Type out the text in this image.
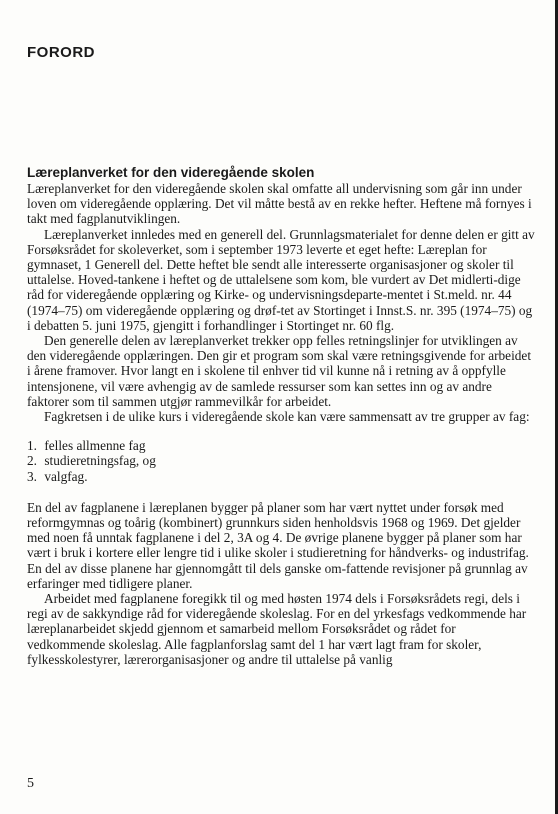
FORORD
Læreplanverket for den videregående skolen

Læreplanverket for den videregående skolen skal omfatte all undervisning som går inn under loven om videregående opplæring. Det vil måtte bestå av en rekke hefter. Heftene må fornyes i takt med fagplanutviklingen.

Læreplanverket innledes med en generell del. Grunnlagsmaterialet for denne delen er gitt av Forsøksrådet for skoleverket, som i september 1973 leverte et eget hefte: Læreplan for gymnaset, 1 Generell del. Dette heftet ble sendt alle interesserte organisasjoner og skoler til uttalelse. Hoved-tankene i heftet og de uttalelsene som kom, ble vurdert av Det midlerti-dige råd for videregående opplæring og Kirke- og undervisningsdeparte-mentet i St.meld. nr. 44 (1974–75) om videregående opplæring og drøf-tet av Stortinget i Innst.S. nr. 395 (1974–75) og i debatten 5. juni 1975, gjengitt i forhandlinger i Stortinget nr. 60 flg.

Den generelle delen av læreplanverket trekker opp felles retningslinjer for utviklingen av den videregående opplæringen. Den gir et program som skal være retningsgivende for arbeidet i årene framover. Hvor langt en i skolene til enhver tid vil kunne nå i retning av å oppfylle intensjonene, vil være avhengig av de samlede ressurser som kan settes inn og av andre faktorer som til sammen utgjør rammevilkår for arbeidet.

Fagkretsen i de ulike kurs i videregående skole kan være sammensatt av tre grupper av fag:

1. felles allmenne fag
2. studieretningsfag, og
3. valgfag.

En del av fagplanene i læreplanen bygger på planer som har vært nyttet under forsøk med reformgymnas og toårig (kombinert) grunnkurs siden henholdsvis 1968 og 1969. Det gjelder med noen få unntak fagplanene i del 2, 3A og 4. De øvrige planene bygger på planer som har vært i bruk i kortere eller lengre tid i ulike skoler i studieretning for håndverks- og industrifag. En del av disse planene har gjennomgått til dels ganske om-fattende revisjoner på grunnlag av erfaringer med tidligere planer.

Arbeidet med fagplanene foregikk til og med høsten 1974 dels i Forsøksrådets regi, dels i regi av de sakkyndige råd for videregående skoleslag. For en del yrkesfags vedkommende har læreplanarbeidet skjedd gjennom et samarbeid mellom Forsøksrådet og rådet for vedkommende skoleslag. Alle fagplanforslag samt del 1 har vært lagt fram for skoler, fylkesskolestyrer, lærerorganisasjoner og andre til uttalelse på vanlig

5
